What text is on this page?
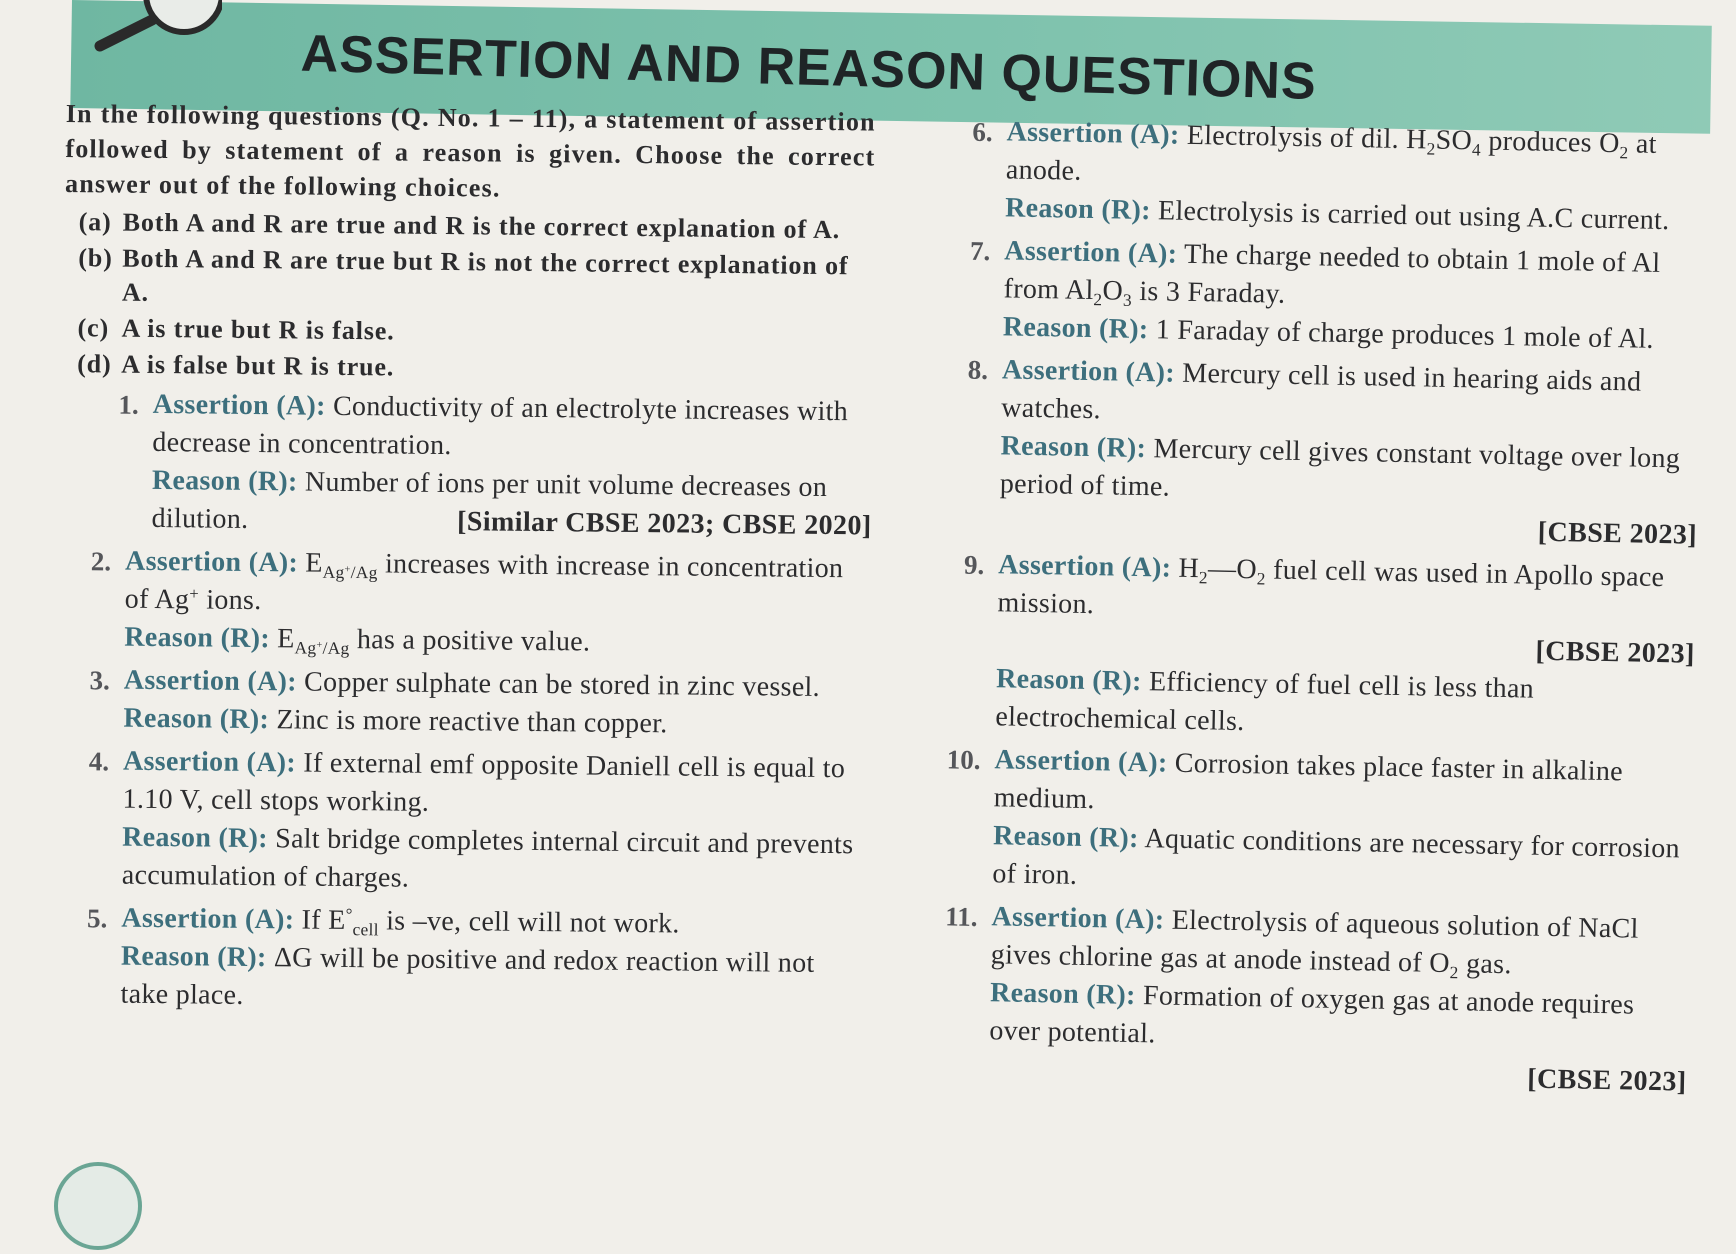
ASSERTION AND REASON QUESTIONS

In the following questions (Q. No. 1 – 11), a statement of assertion followed by statement of a reason is given. Choose the correct answer out of the following choices.

(a) Both A and R are true and R is the correct explanation of A.
(b) Both A and R are true but R is not the correct explanation of A.
(c) A is true but R is false.
(d) A is false but R is true.
1. Assertion (A): Conductivity of an electrolyte increases with decrease in concentration.

Reason (R): Number of ions per unit volume decreases on dilution.	[Similar CBSE 2023; CBSE 2020]

2. Assertion (A): $E_{Ag^+/Ag}$ increases with increase in concentration of Ag+ ions.

Reason (R): $E_{Ag^+/Ag}$ has a positive value.

3. Assertion (A): Copper sulphate can be stored in zinc vessel.

Reason (R): Zinc is more reactive than copper.

4. Assertion (A): If external emf opposite Daniell cell is equal to 1.10 V, cell stops working.

Reason (R): Salt bridge completes internal circuit and prevents accumulation of charges.

5. Assertion (A): If $E^\circ_{cell}$ is –ve, cell will not work.

Reason (R): ΔG will be positive and redox reaction will not take place.

6. Assertion (A): Electrolysis of dil. $H_2SO_4$ produces $O_2$ at anode.

Reason (R): Electrolysis is carried out using A.C current.

7. Assertion (A): The charge needed to obtain 1 mole of Al from $Al_2O_3$ is 3 Faraday.

Reason (R): 1 Faraday of charge produces 1 mole of Al.

8. Assertion (A): Mercury cell is used in hearing aids and watches.

Reason (R): Mercury cell gives constant voltage over long period of time.

[CBSE 2023]

9. Assertion (A): $H_2—O_2$ fuel cell was used in Apollo space mission.

[CBSE 2023]

Reason (R): Efficiency of fuel cell is less than electrochemical cells.

10. Assertion (A): Corrosion takes place faster in alkaline medium.

Reason (R): Aquatic conditions are necessary for corrosion of iron.

11. Assertion (A): Electrolysis of aqueous solution of NaCl gives chlorine gas at anode instead of $O_2$ gas.

Reason (R): Formation of oxygen gas at anode requires over potential.

[CBSE 2023]
